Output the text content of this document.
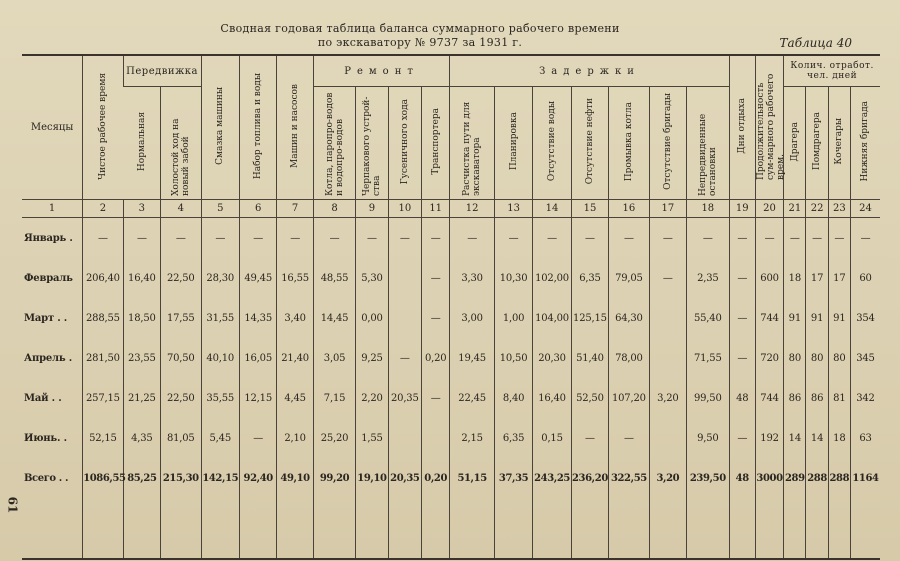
Сводная годовая таблица баланса суммарного рабочего времени
по экскаватору № 9737 за 1931 г.	Таблица 40
61
Месяцы	Чистое рабочее время	Передвижка		Смазка машины	Набор топлива и воды	Машин и насосов	Ремонт				Задержки							Дни отдыха	Продолжительность сум-марного рабочего врем.	Колич. отработ. чел. дней			
		Нормальная	Холостой ход на новый забой				Котла, паропро-водов и водопро-водов	Черпакового устрой-ства	Гусеничного хода	Транспортера	Расчистка пути для экскаватора	Планировка	Отсутствие воды	Отсутствие нефти	Промывка котла	Отсутствие бригады	Непредвиденные остановки			Драгера	Помдрагера	Кочегары	Нижняя бригада
1	2	3	4	5	6	7	8	9	10	11	12	13	14	15	16	17	18	19	20	21	22	23	24
Январь .	—	—	—	—	—	—	—	—	—	—	—	—	—	—	—	—	—	—	—	—	—	—	—
Февраль	206,40	16,40	22,50	28,30	49,45	16,55	48,55	5,30		—	3,30	10,30	102,00	6,35	79,05	—	2,35	—	600	18	17	17	60
Март . .	288,55	18,50	17,55	31,55	14,35	3,40	14,45	0,00		—	3,00	1,00	104,00	125,15	64,30		55,40	—	744	91	91	91	354
Апрель .	281,50	23,55	70,50	40,10	16,05	21,40	3,05	9,25	—	0,20	19,45	10,50	20,30	51,40	78,00		71,55	—	720	80	80	80	345
Май . .	257,15	21,25	22,50	35,55	12,15	4,45	7,15	2,20	20,35	—	22,45	8,40	16,40	52,50	107,20	3,20	99,50	48	744	86	86	81	342
Июнь. .	52,15	4,35	81,05	5,45	—	2,10	25,20	1,55			2,15	6,35	0,15	—	—		9,50	—	192	14	14	18	63
Всего . .	1086,55	85,25	215,30	142,15	92,40	49,10	99,20	19,10	20,35	0,20	51,15	37,35	243,25	236,20	322,55	3,20	239,50	48	3000	289	288	288	1164
